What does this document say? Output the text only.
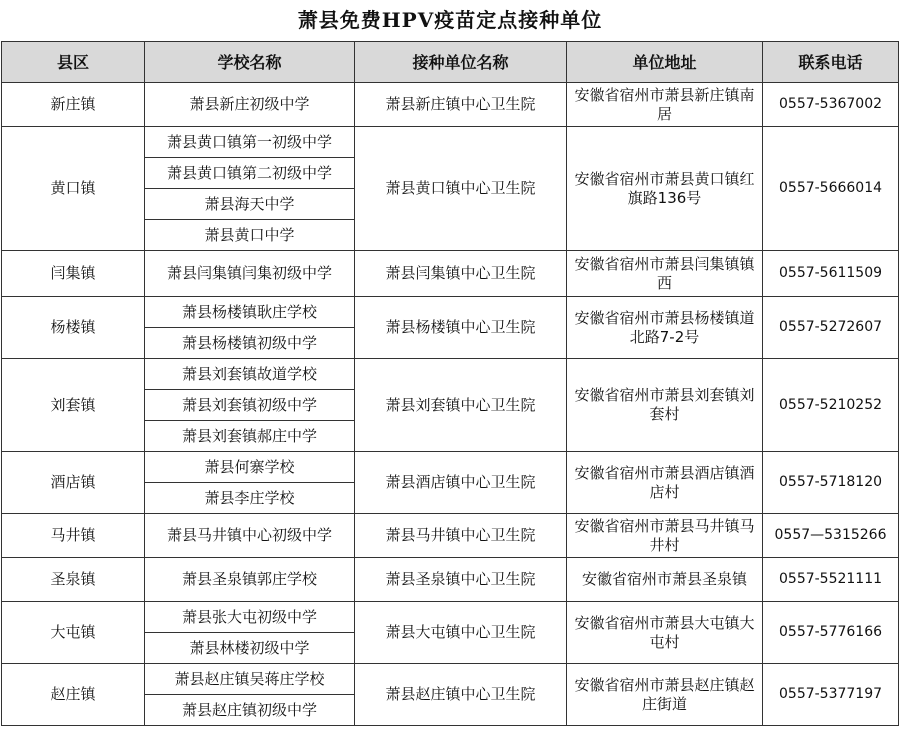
萧县免费HPV疫苗定点接种单位				
县区	学校名称	接种单位名称	单位地址	联系电话
新庄镇	萧县新庄初级中学	萧县新庄镇中心卫生院	安徽省宿州市萧县新庄镇南居	0557-5367002
黄口镇	萧县黄口镇第一初级中学	萧县黄口镇中心卫生院	安徽省宿州市萧县黄口镇红旗路136号	0557-5666014
	萧县黄口镇第二初级中学			
	萧县海天中学			
	萧县黄口中学			
闫集镇	萧县闫集镇闫集初级中学	萧县闫集镇中心卫生院	安徽省宿州市萧县闫集镇镇西	0557-5611509
杨楼镇	萧县杨楼镇耿庄学校	萧县杨楼镇中心卫生院	安徽省宿州市萧县杨楼镇道北路7-2号	0557-5272607
	萧县杨楼镇初级中学			
刘套镇	萧县刘套镇故道学校	萧县刘套镇中心卫生院	安徽省宿州市萧县刘套镇刘套村	0557-5210252
	萧县刘套镇初级中学			
	萧县刘套镇郝庄中学			
酒店镇	萧县何寨学校	萧县酒店镇中心卫生院	安徽省宿州市萧县酒店镇酒店村	0557-5718120
	萧县李庄学校			
马井镇	萧县马井镇中心初级中学	萧县马井镇中心卫生院	安徽省宿州市萧县马井镇马井村	0557—5315266
圣泉镇	萧县圣泉镇郭庄学校	萧县圣泉镇中心卫生院	安徽省宿州市萧县圣泉镇	0557-5521111
大屯镇	萧县张大屯初级中学	萧县大屯镇中心卫生院	安徽省宿州市萧县大屯镇大屯村	0557-5776166
	萧县林楼初级中学			
赵庄镇	萧县赵庄镇吴蒋庄学校	萧县赵庄镇中心卫生院	安徽省宿州市萧县赵庄镇赵庄街道	0557-5377197
	萧县赵庄镇初级中学			
